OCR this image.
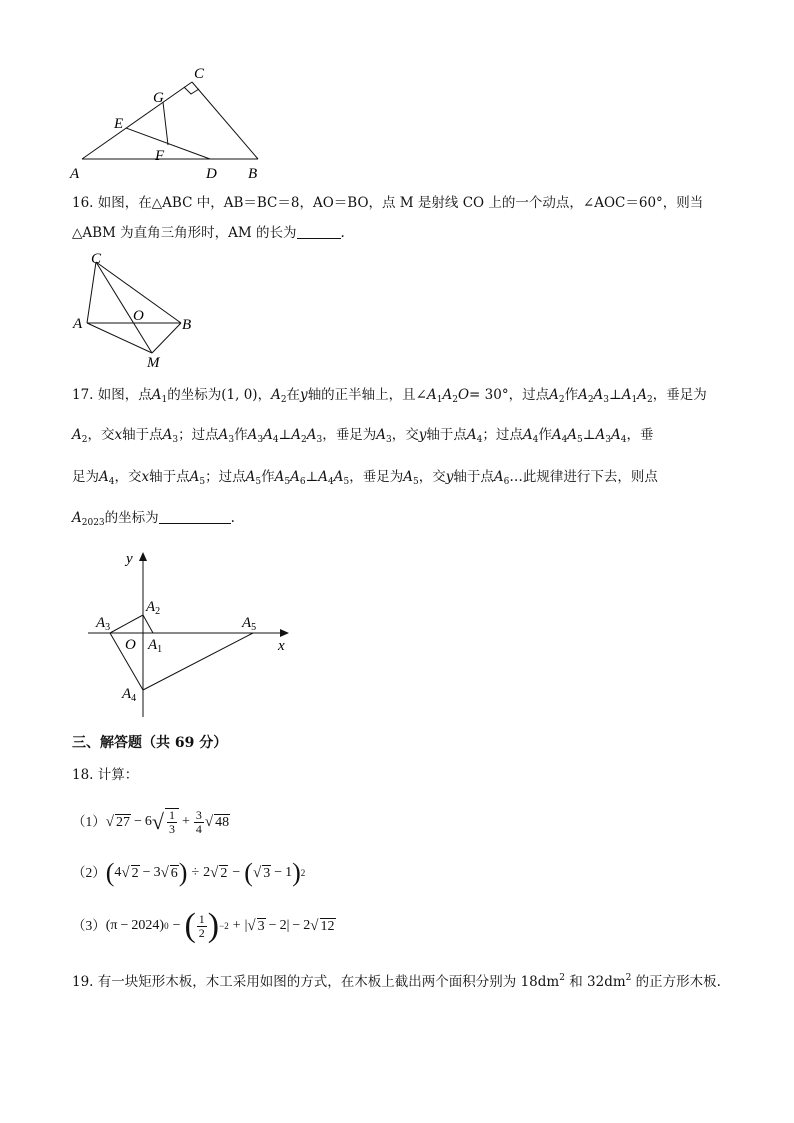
A	B
C
D
E
F
G
16. 如图，在△ABC 中，AB＝BC＝8，AO＝BO，点 M 是射线 CO 上的一个动点，∠AOC＝60°，则当
△ABM 为直角三角形时，AM 的长为	.
C
A	O
B
M
17. 如图，点$A_1$的坐标为(1, 0)，$A_2$在y轴的正半轴上，且$\angle A_1A_2O= 30^\circ$，过点$A_2$作$A_2A_3\perp A_1A_2$，垂足为
$A_2$，交x轴于点$A_3$；过点$A_3$作$A_3A_4\perp A_2A_3$，垂足为$A_3$，交y轴于点$A_4$；过点$A_4$作$A_4A_5\perp A_3A_4$，垂
足为$A_4$，交x轴于点$A_5$；过点$A_5$作$A_5A_6\perp A_4A_5$，垂足为$A_5$，交y轴于点$A_6\dots$此规律进行下去，则点
$A_{2023}$的坐标为	.
y
x
$A_2$
$A_3$
O $A_1$
$A_5$
$A_4$
三、解答题（共 69 分）
18. 计算：
（1） √ 27 − 6 √ $\frac{1}{3} + \frac{3}{4}$ √ 48
（2） ( 4 √ 2 − 3 √ 6 ) ÷ 2 √ 2 − ( √ 3 − 1 ) 2
（3） (π − 2024) 0 − ( $\frac{1}{2}$ ) −2 + | √ 3 − 2| − 2 √ 12
19. 有一块矩形木板，木工采用如图的方式，在木板上截出两个面积分别为 $18dm^2$ 和 $32dm^2$ 的正方形木板.
